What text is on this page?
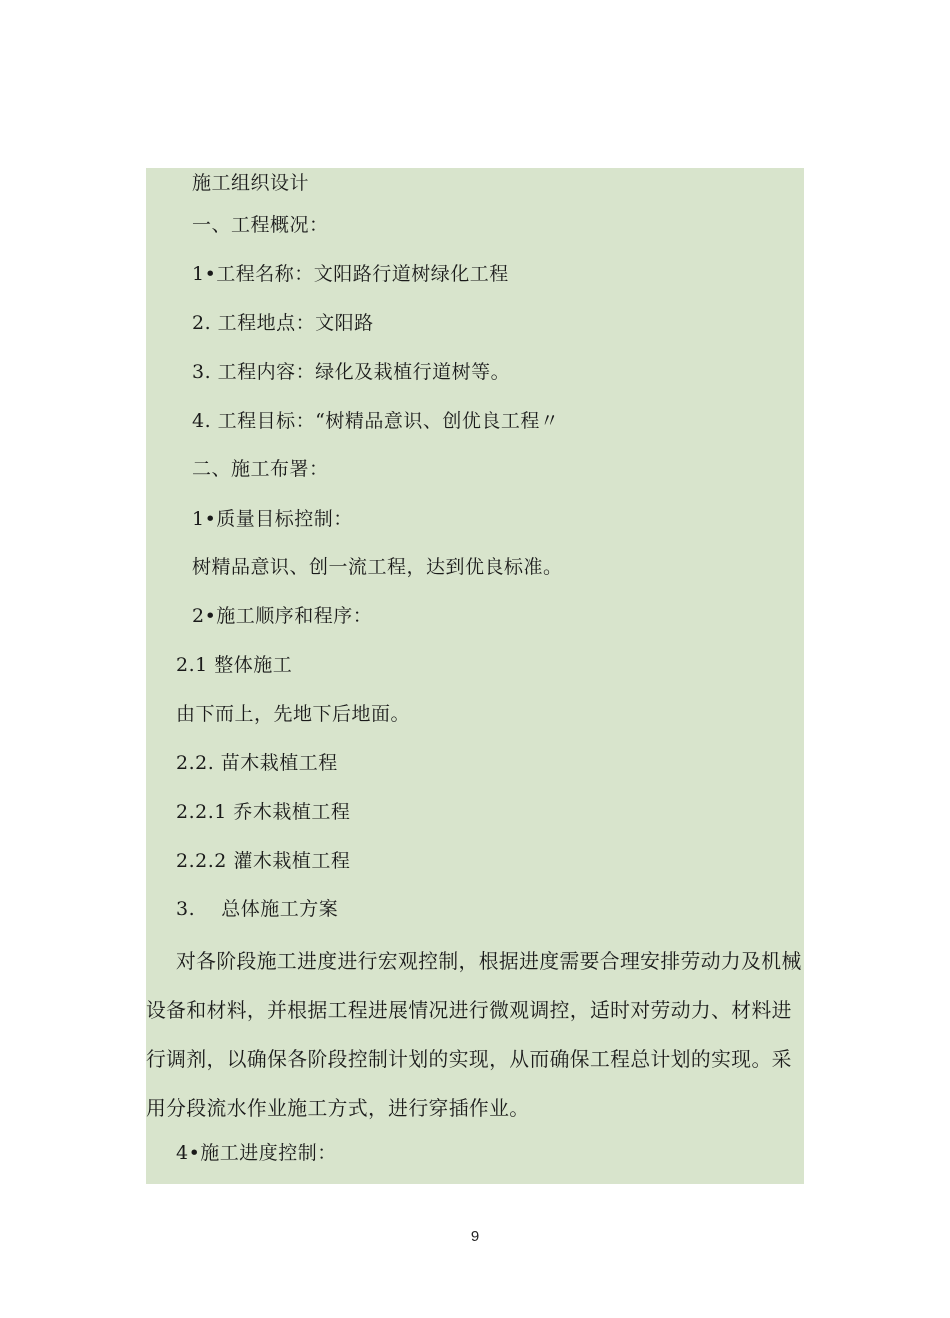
施工组织设计
一、工程概况：
1•工程名称：文阳路行道树绿化工程
2. 工程地点：文阳路
3. 工程内容：绿化及栽植行道树等。
4. 工程目标：“树精品意识、创优良工程〃
二、施工布署：
1•质量目标控制：
树精品意识、创一流工程，达到优良标准。
2•施工顺序和程序：
2.1 整体施工
由下而上，先地下后地面。
2.2. 苗木栽植工程
2.2.1 乔木栽植工程
2.2.2 灌木栽植工程
3.    总体施工方案
对各阶段施工进度进行宏观控制，根据进度需要合理安排劳动力及机械设备和材料，并根据工程进展情况进行微观调控，适时对劳动力、材料进行调剂，以确保各阶段控制计划的实现，从而确保工程总计划的实现。采用分段流水作业施工方式，进行穿插作业。
4•施工进度控制：
9
